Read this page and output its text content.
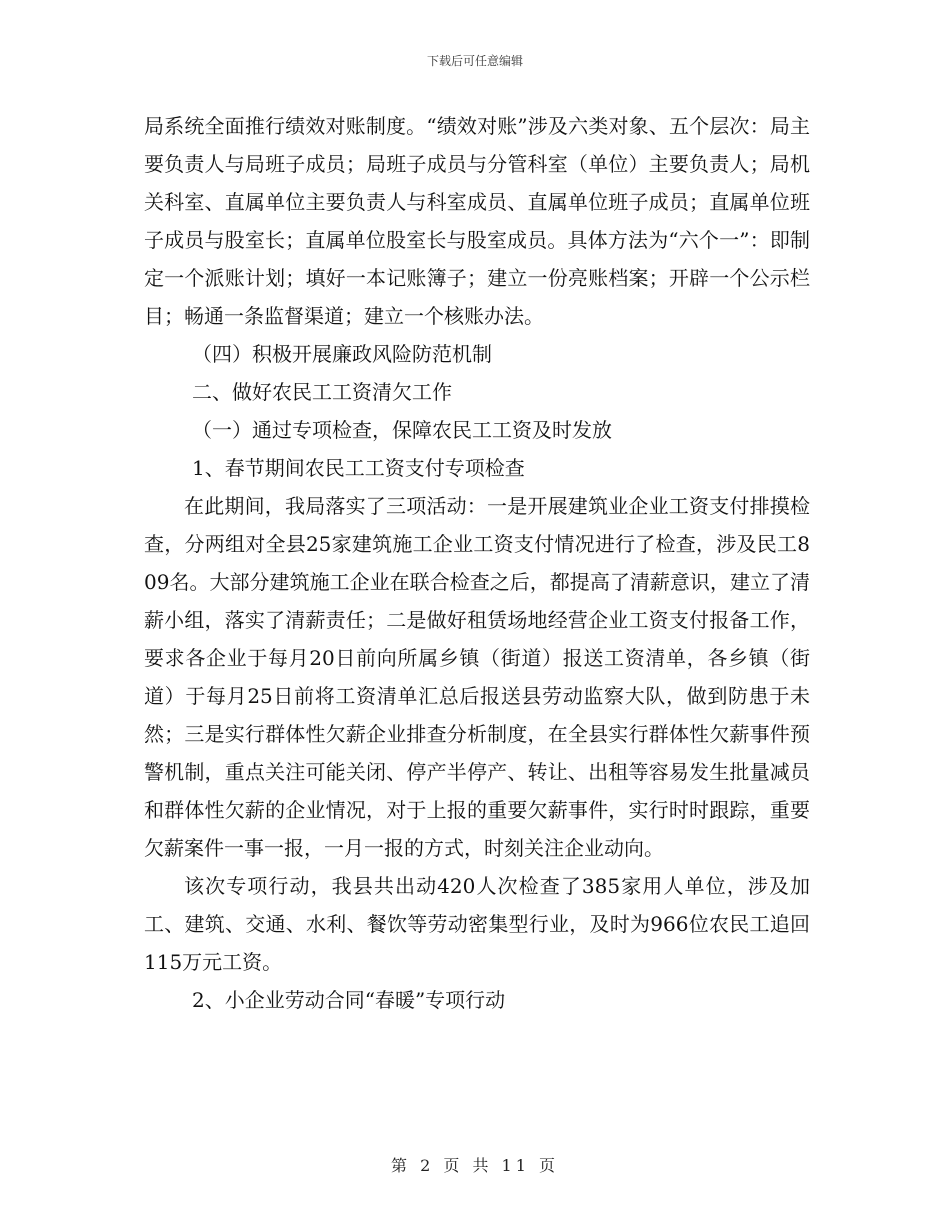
下载后可任意编辑

局系统全面推行绩效对账制度。“绩效对账”涉及六类对象、五个层次：局主要负责人与局班子成员；局班子成员与分管科室（单位）主要负责人；局机关科室、直属单位主要负责人与科室成员、直属单位班子成员；直属单位班子成员与股室长；直属单位股室长与股室成员。具体方法为“六个一”：即制定一个派账计划；填好一本记账簿子；建立一份亮账档案；开辟一个公示栏目；畅通一条监督渠道；建立一个核账办法。

（四）积极开展廉政风险防范机制

二、做好农民工工资清欠工作

（一）通过专项检查，保障农民工工资及时发放

1、春节期间农民工工资支付专项检查

在此期间，我局落实了三项活动：一是开展建筑业企业工资支付排摸检查，分两组对全县25家建筑施工企业工资支付情况进行了检查，涉及民工809名。大部分建筑施工企业在联合检查之后，都提高了清薪意识，建立了清薪小组，落实了清薪责任；二是做好租赁场地经营企业工资支付报备工作，要求各企业于每月20日前向所属乡镇（街道）报送工资清单，各乡镇（街道）于每月25日前将工资清单汇总后报送县劳动监察大队，做到防患于未然；三是实行群体性欠薪企业排查分析制度，在全县实行群体性欠薪事件预警机制，重点关注可能关闭、停产半停产、转让、出租等容易发生批量减员和群体性欠薪的企业情况，对于上报的重要欠薪事件，实行时时跟踪，重要欠薪案件一事一报，一月一报的方式，时刻关注企业动向。

该次专项行动，我县共出动420人次检查了385家用人单位，涉及加工、建筑、交通、水利、餐饮等劳动密集型行业，及时为966位农民工追回115万元工资。

2、小企业劳动合同“春暖”专项行动

第 2 页 共 11 页
